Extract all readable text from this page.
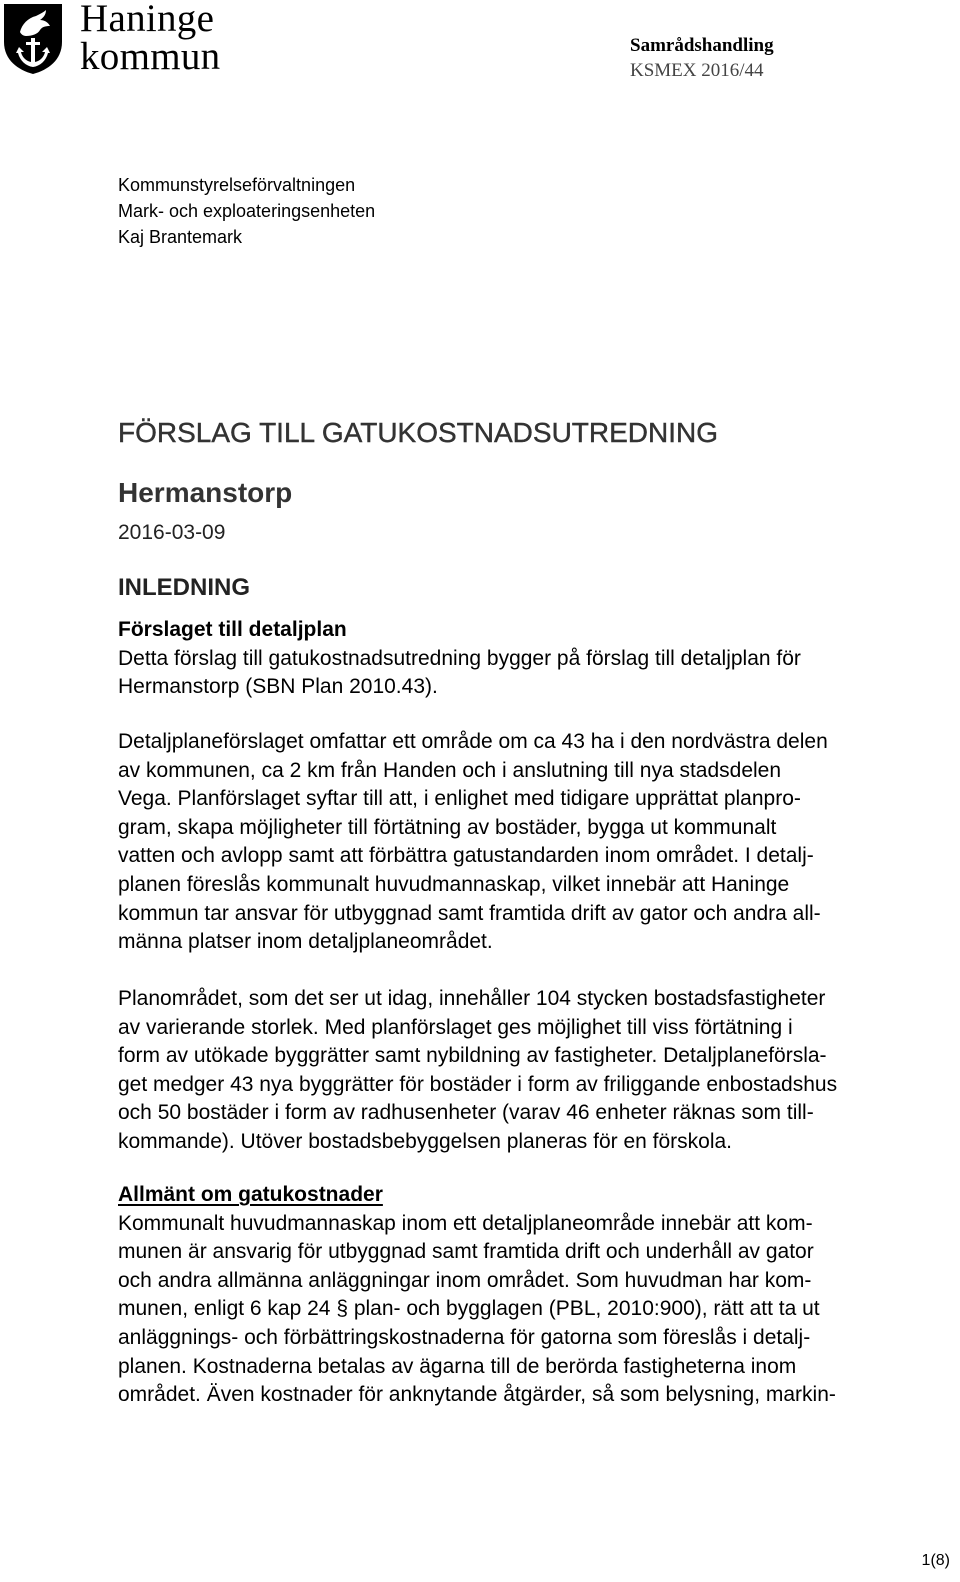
Haninge
kommun	Samrådshandling
KSMEX 2016/44
Kommunstyrelseförvaltningen
Mark- och exploateringsenheten
Kaj Brantemark
FÖRSLAG TILL GATUKOSTNADSUTREDNING
Hermanstorp
2016-03-09
INLEDNING

Förslaget till detaljplan

Detta förslag till gatukostnadsutredning bygger på förslag till detaljplan för

Hermanstorp (SBN Plan 2010.43).

Detaljplaneförslaget omfattar ett område om ca 43 ha i den nordvästra delen

av kommunen, ca 2 km från Handen och i anslutning till nya stadsdelen

Vega. Planförslaget syftar till att, i enlighet med tidigare upprättat planpro-

gram, skapa möjligheter till förtätning av bostäder, bygga ut kommunalt

vatten och avlopp samt att förbättra gatustandarden inom området. I detalj-

planen föreslås kommunalt huvudmannaskap, vilket innebär att Haninge

kommun tar ansvar för utbyggnad samt framtida drift av gator och andra all-

männa platser inom detaljplaneområdet.

Planområdet, som det ser ut idag, innehåller 104 stycken bostadsfastigheter

av varierande storlek. Med planförslaget ges möjlighet till viss förtätning i

form av utökade byggrätter samt nybildning av fastigheter. Detaljplaneförsla-

get medger 43 nya byggrätter för bostäder i form av friliggande enbostadshus

och 50 bostäder i form av radhusenheter (varav 46 enheter räknas som till-

kommande). Utöver bostadsbebyggelsen planeras för en förskola.

Allmänt om gatukostnader

Kommunalt huvudmannaskap inom ett detaljplaneområde innebär att kom-

munen är ansvarig för utbyggnad samt framtida drift och underhåll av gator

och andra allmänna anläggningar inom området. Som huvudman har kom-

munen, enligt 6 kap 24 § plan- och bygglagen (PBL, 2010:900), rätt att ta ut

anläggnings- och förbättringskostnaderna för gatorna som föreslås i detalj-

planen. Kostnaderna betalas av ägarna till de berörda fastigheterna inom

området. Även kostnader för anknytande åtgärder, så som belysning, markin-

1(8)
